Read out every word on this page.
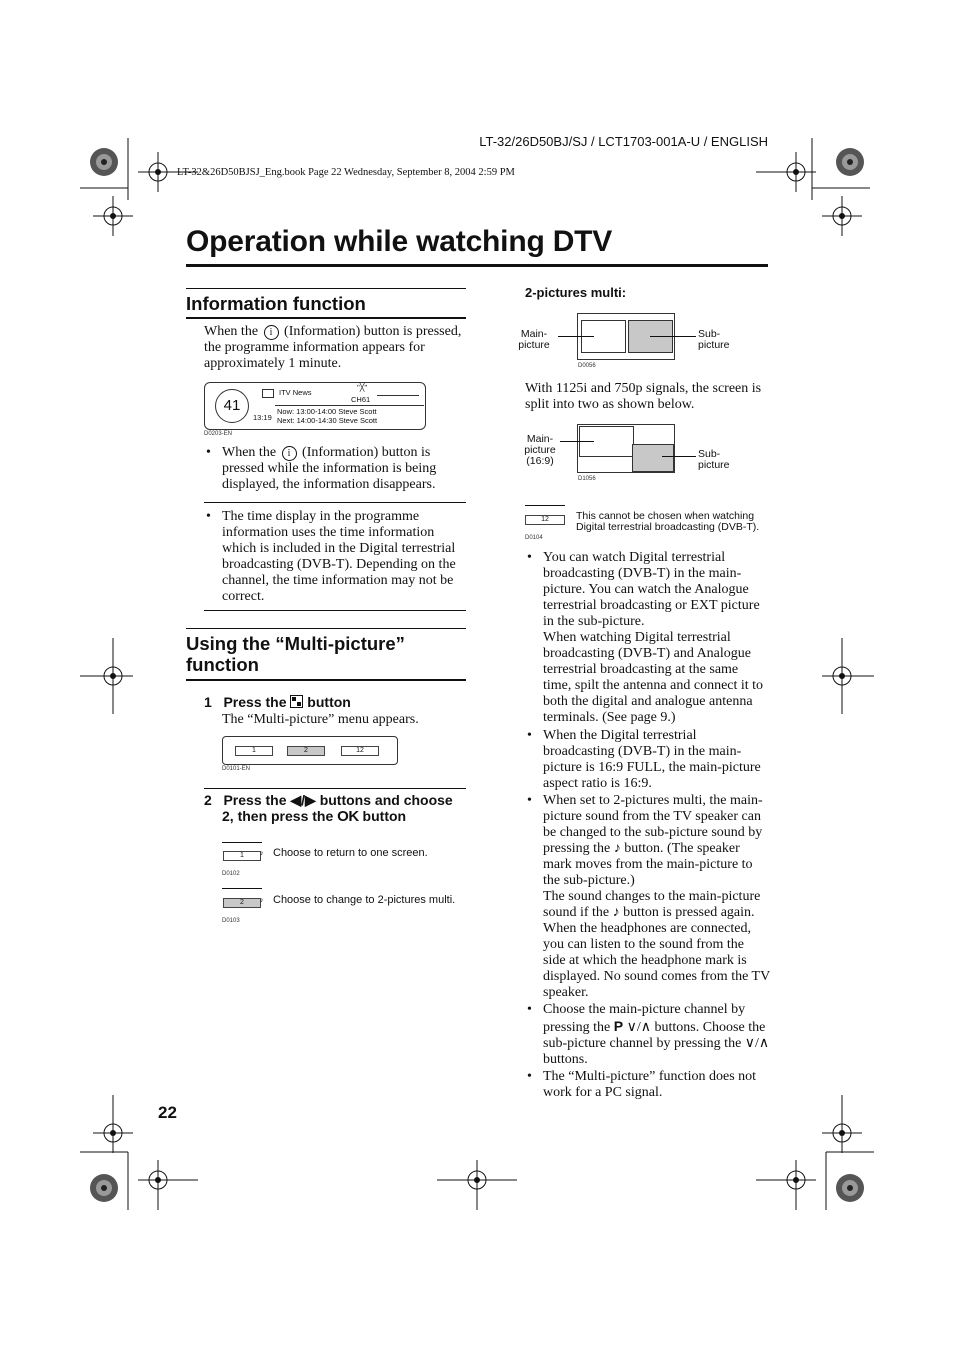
LT-32/26D50BJ/SJ / LCT1703-001A-U / ENGLISH
LT-32&26D50BJSJ_Eng.book Page 22 Wednesday, September 8, 2004 2:59 PM
Operation while watching DTV
Information function
When the i (Information) button is pressed, the programme information appears for approximately 1 minute.
41
ITV News
ʹʹ╳ʹʹ
CH61
13:19
Now: 13:00-14:00 Steve Scott
Next: 14:00-14:30 Steve Scott
D0203-EN
When the i (Information) button is pressed while the information is being displayed, the information disappears.
The time display in the programme information uses the time information which is included in the Digital terrestrial broadcasting (DVB-T). Depending on the channel, the time information may not be correct.
Using the “Multi-picture”
function
1 Press the button
The “Multi-picture” menu appears.
1	2	12
D0101-EN
2 Press the ◀/▶ buttons and choose
2, then press the OK button
1	♪ Choose to return to one screen.
D0102
2	♪ Choose to change to 2-pictures multi.
D0103
2-pictures multi:
Main-
picture
Sub-
picture
D0056
With 1125i and 750p signals, the screen is split into two as shown below.
Main-
picture
(16:9)
Sub-
picture
D1056
12	This cannot be chosen when watching
Digital terrestrial broadcasting (DVB-T).
D0104
You can watch Digital terrestrial broadcasting (DVB-T) in the main-picture. You can watch the Analogue terrestrial broadcasting or EXT picture in the sub-picture.
When watching Digital terrestrial broadcasting (DVB-T) and Analogue terrestrial broadcasting at the same time, spilt the antenna and connect it to both the digital and analogue antenna terminals. (See page 9.)
When the Digital terrestrial broadcasting (DVB-T) in the main-picture is 16:9 FULL, the main-picture aspect ratio is 16:9.
When set to 2-pictures multi, the main-picture sound from the TV speaker can be changed to the sub-picture sound by pressing the ♪ button. (The speaker mark moves from the main-picture to the sub-picture.)
The sound changes to the main-picture sound if the ♪ button is pressed again. When the headphones are connected, you can listen to the sound from the side at which the headphone mark is displayed. No sound comes from the TV speaker.
Choose the main-picture channel by pressing the P ∨/∧ buttons. Choose the sub-picture channel by pressing the ∨/∧ buttons.
The “Multi-picture” function does not work for a PC signal.
22
